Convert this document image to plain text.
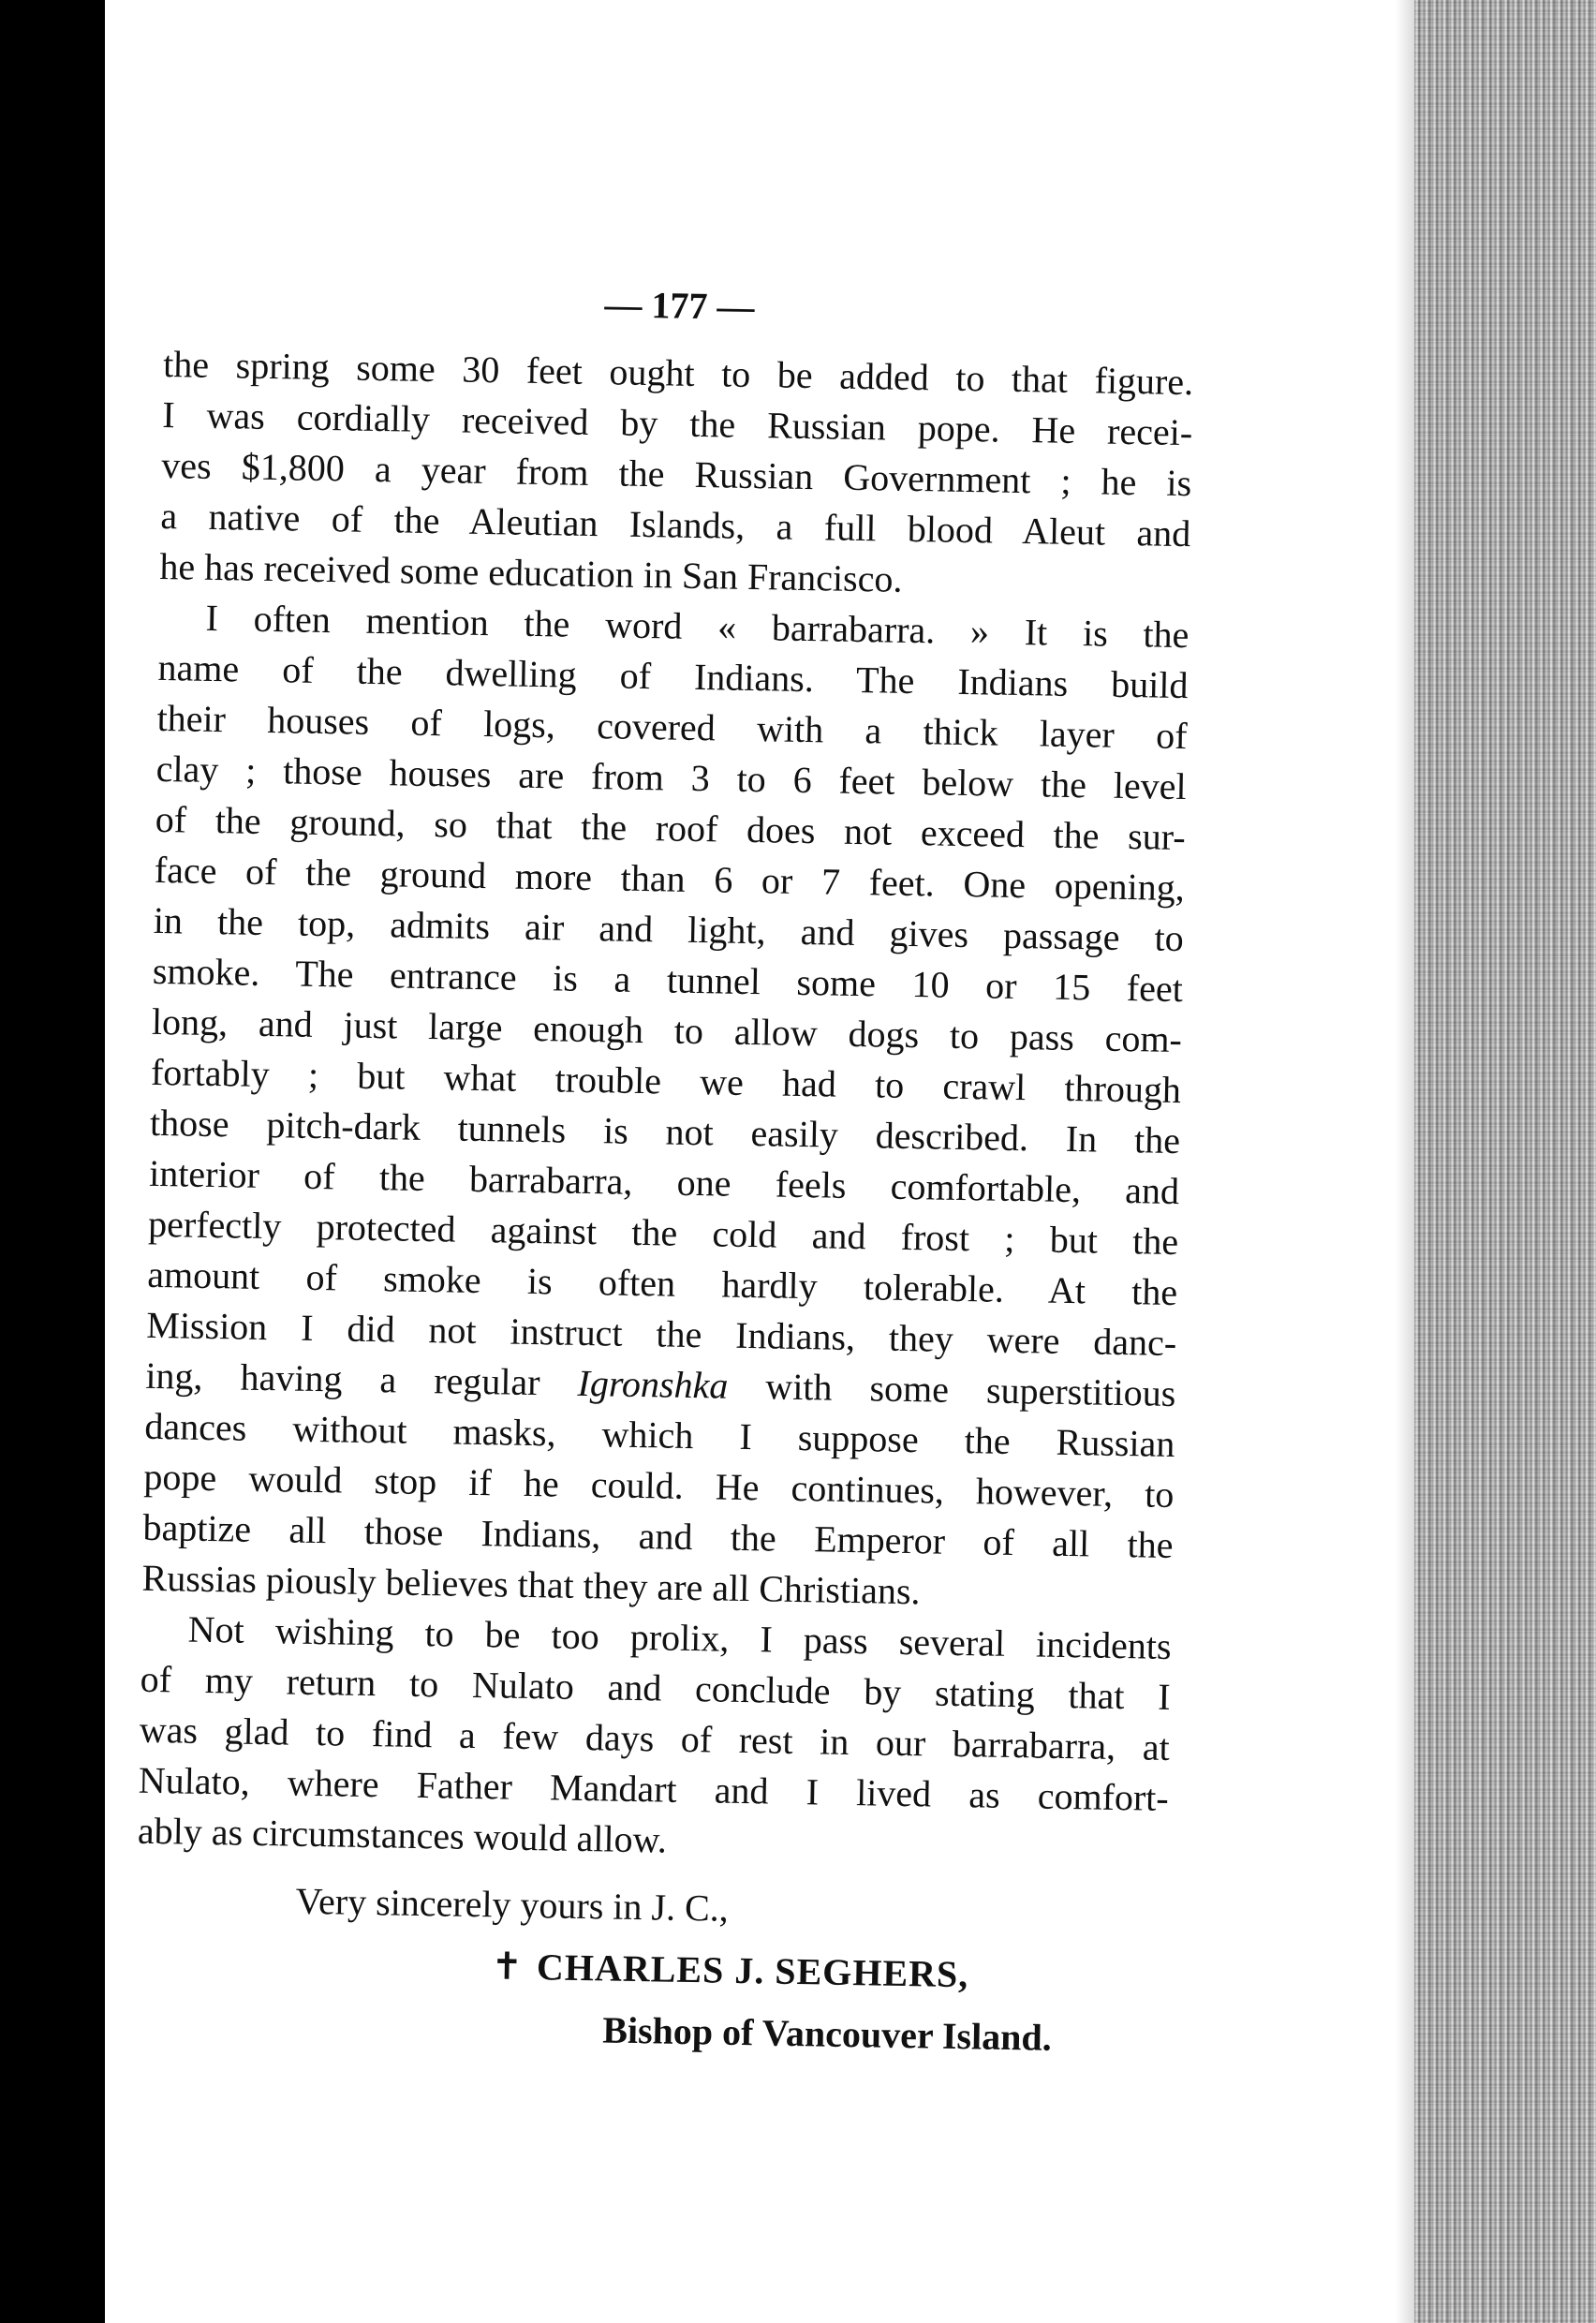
— 177 —
the spring some 30 feet ought to be added to that figure.
I was cordially received by the Russian pope. He recei-
ves $1,800 a year from the Russian Government ; he is
a native of the Aleutian Islands, a full blood Aleut and
he has received some education in San Francisco.
I often mention the word « barrabarra. » It is the
name of the dwelling of Indians. The Indians build
their houses of logs, covered with a thick layer of
clay ; those houses are from 3 to 6 feet below the level
of the ground, so that the roof does not exceed the sur-
face of the ground more than 6 or 7 feet. One opening,
in the top, admits air and light, and gives passage to
smoke. The entrance is a tunnel some 10 or 15 feet
long, and just large enough to allow dogs to pass com-
fortably ; but what trouble we had to crawl through
those pitch-dark tunnels is not easily described. In the
interior of the barrabarra, one feels comfortable, and
perfectly protected against the cold and frost ; but the
amount of smoke is often hardly tolerable. At the
Mission I did not instruct the Indians, they were danc-
ing, having a regular Igronshka with some superstitious
dances without masks, which I suppose the Russian
pope would stop if he could. He continues, however, to
baptize all those Indians, and the Emperor of all the
Russias piously believes that they are all Christians.
Not wishing to be too prolix, I pass several incidents
of my return to Nulato and conclude by stating that I
was glad to find a few days of rest in our barrabarra, at
Nulato, where Father Mandart and I lived as comfort-
ably as circumstances would allow.
Very sincerely yours in J. C.,
✝ CHARLES J. SEGHERS,
Bishop of Vancouver Island.
